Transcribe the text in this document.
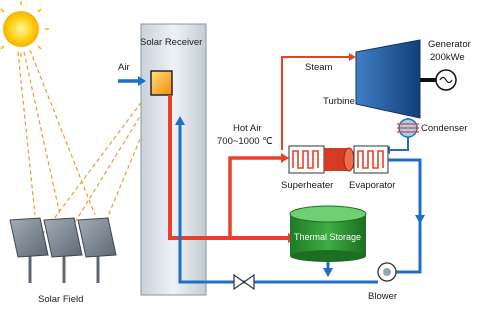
Solar Receiver
Air
Hot Air
700~1000 ℃
Steam
Turbine
Generator
200kWe
Condenser
Superheater Evaporator
Thermal Storage
Blower
Solar Field
